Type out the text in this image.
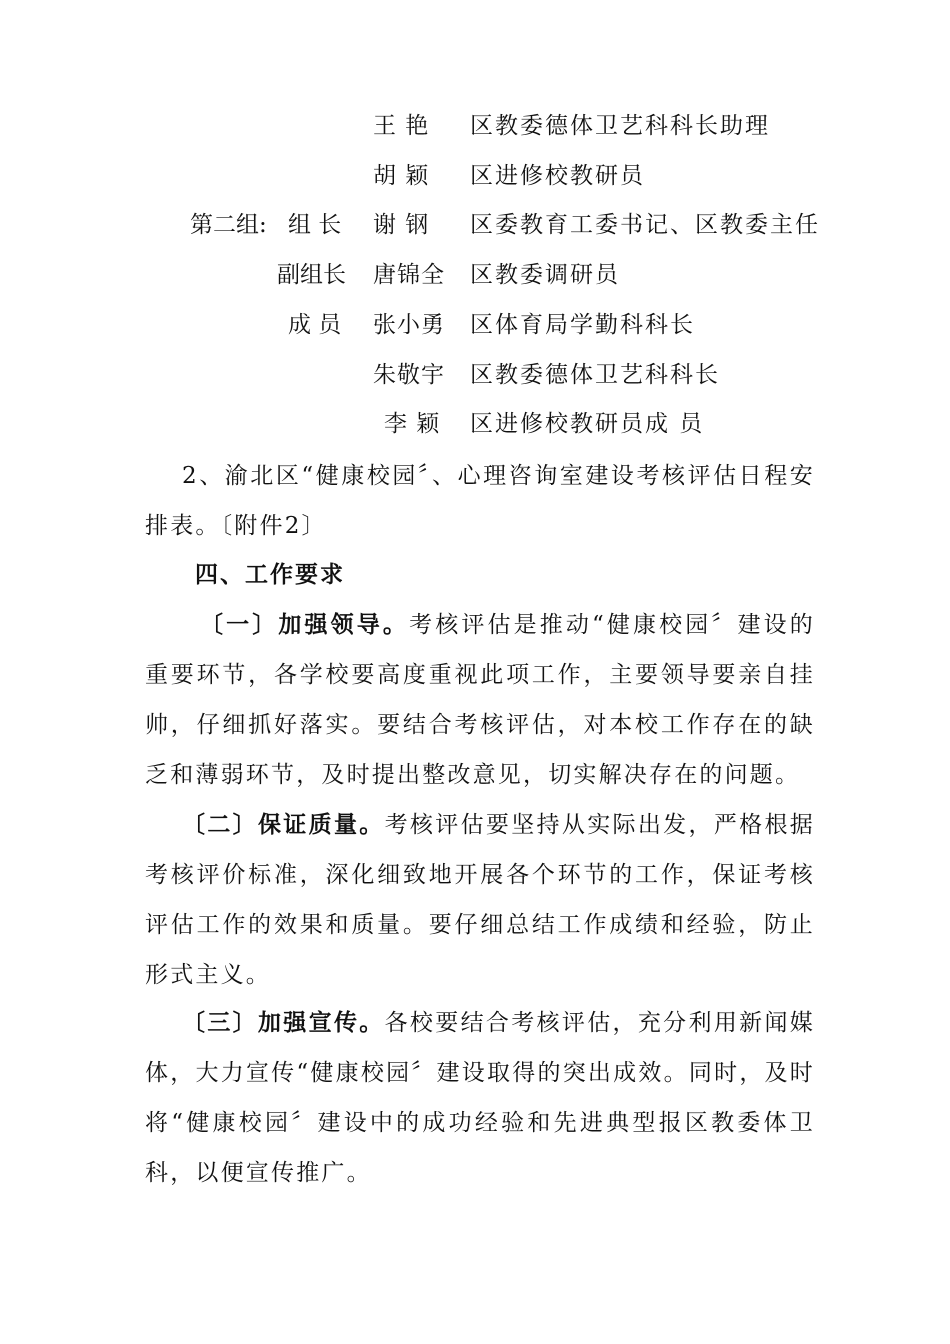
王 艳 区教委德体卫艺科科长助理
胡 颖 区进修校教研员
第二组: 组 长 谢 钢 区委教育工委书记、区教委主任
副组长 唐锦全 区教委调研员
成 员 张小勇 区体育局学勤科科长
朱敬宇 区教委德体卫艺科科长
李 颖 区进修校教研员成 员

2、渝北区“健康校园〞、心理咨询室建设考核评估日程安排表。〔附件2〕

四、工作要求

〔一〕加强领导。考核评估是推动“健康校园〞建设的重要环节，各学校要高度重视此项工作，主要领导要亲自挂帅，仔细抓好落实。要结合考核评估，对本校工作存在的缺乏和薄弱环节，及时提出整改意见，切实解决存在的问题。

〔二〕保证质量。考核评估要坚持从实际出发，严格根据考核评价标准，深化细致地开展各个环节的工作，保证考核评估工作的效果和质量。要仔细总结工作成绩和经验，防止形式主义。

〔三〕加强宣传。各校要结合考核评估，充分利用新闻媒体，大力宣传“健康校园〞建设取得的突出成效。同时，及时将“健康校园〞建设中的成功经验和先进典型报区教委体卫科，以便宣传推广。
